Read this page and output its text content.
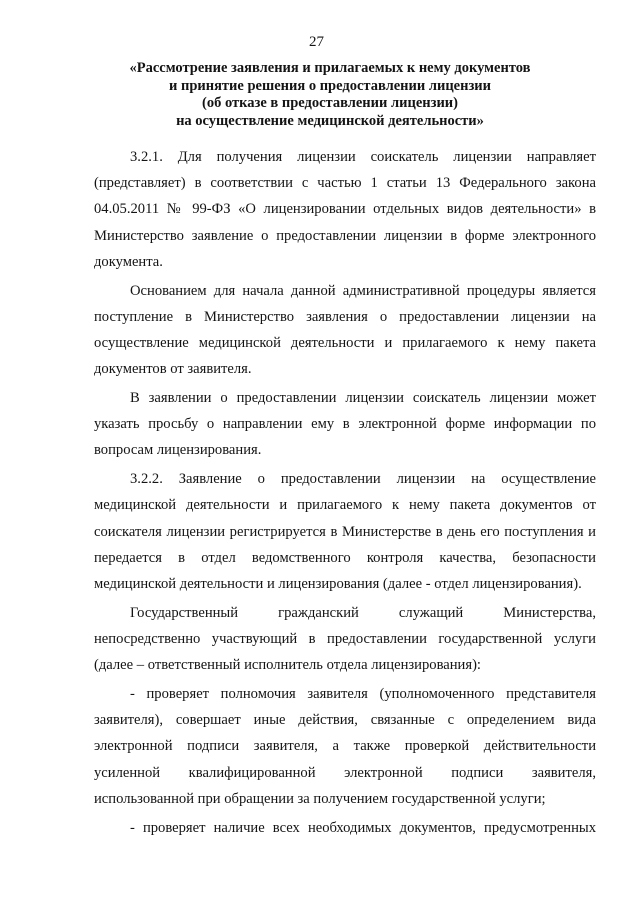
27
«Рассмотрение заявления и прилагаемых к нему документов
и принятие решения о предоставлении лицензии
(об отказе в предоставлении лицензии)
на осуществление медицинской деятельности»

3.2.1. Для получения лицензии соискатель лицензии направляет (представляет) в соответствии с частью 1 статьи 13 Федерального закона 04.05.2011 № 99-ФЗ «О лицензировании отдельных видов деятельности» в Министерство заявление о предоставлении лицензии в форме электронного документа.

Основанием для начала данной административной процедуры является поступление в Министерство заявления о предоставлении лицензии на осуществление медицинской деятельности и прилагаемого к нему пакета документов от заявителя.

В заявлении о предоставлении лицензии соискатель лицензии может указать просьбу о направлении ему в электронной форме информации по вопросам лицензирования.

3.2.2. Заявление о предоставлении лицензии на осуществление медицинской деятельности и прилагаемого к нему пакета документов от соискателя лицензии регистрируется в Министерстве в день его поступления и передается в отдел ведомственного контроля качества, безопасности медицинской деятельности и лицензирования (далее - отдел лицензирования).

Государственный гражданский служащий Министерства, непосредственно участвующий в предоставлении государственной услуги (далее – ответственный исполнитель отдела лицензирования):

- проверяет полномочия заявителя (уполномоченного представителя заявителя), совершает иные действия, связанные с определением вида электронной подписи заявителя, а также проверкой действительности усиленной квалифицированной электронной подписи заявителя, использованной при обращении за получением государственной услуги;

- проверяет наличие всех необходимых документов, предусмотренных
